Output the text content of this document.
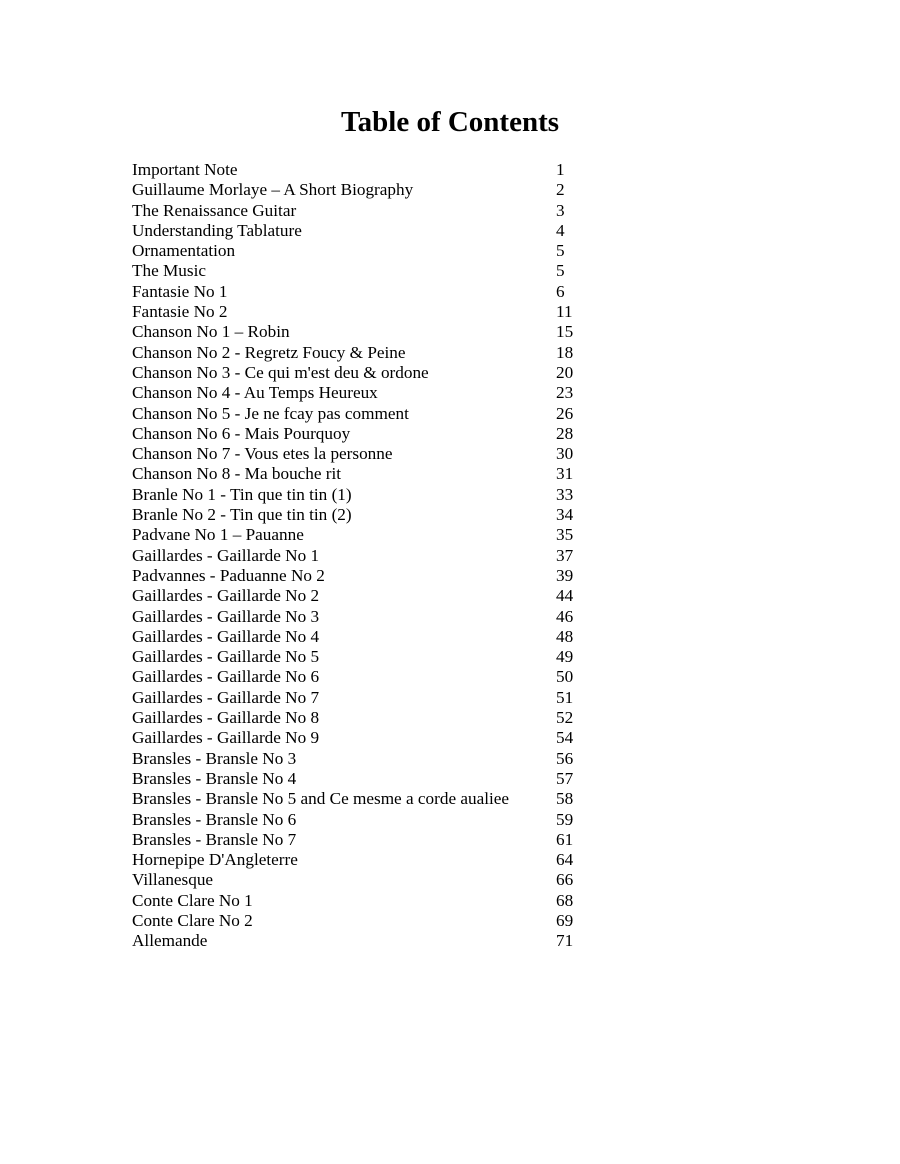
Table of Contents
Important Note	1
Guillaume Morlaye – A Short Biography	2
The Renaissance Guitar	3
Understanding Tablature	4
Ornamentation	5
The Music	5
Fantasie No 1	6
Fantasie No 2	11
Chanson No 1 – Robin	15
Chanson No 2 - Regretz Foucy & Peine	18
Chanson No 3 - Ce qui m'est deu & ordone	20
Chanson No 4 - Au Temps Heureux	23
Chanson No 5 - Je ne fcay pas comment	26
Chanson No 6 - Mais Pourquoy	28
Chanson No 7 - Vous etes la personne	30
Chanson No 8 - Ma bouche rit	31
Branle No 1 - Tin que tin tin (1)	33
Branle No 2 - Tin que tin tin (2)	34
Padvane No 1 – Pauanne	35
Gaillardes - Gaillarde No 1	37
Padvannes - Paduanne No 2	39
Gaillardes - Gaillarde No 2	44
Gaillardes - Gaillarde No 3	46
Gaillardes - Gaillarde No 4	48
Gaillardes - Gaillarde No 5	49
Gaillardes - Gaillarde No 6	50
Gaillardes - Gaillarde No 7	51
Gaillardes - Gaillarde No 8	52
Gaillardes - Gaillarde No 9	54
Bransles - Bransle No 3	56
Bransles - Bransle No 4	57
Bransles - Bransle No 5 and Ce mesme a corde aualiee	58
Bransles - Bransle No 6	59
Bransles - Bransle No 7	61
Hornepipe D'Angleterre	64
Villanesque	66
Conte Clare No 1	68
Conte Clare No 2	69
Allemande	71
